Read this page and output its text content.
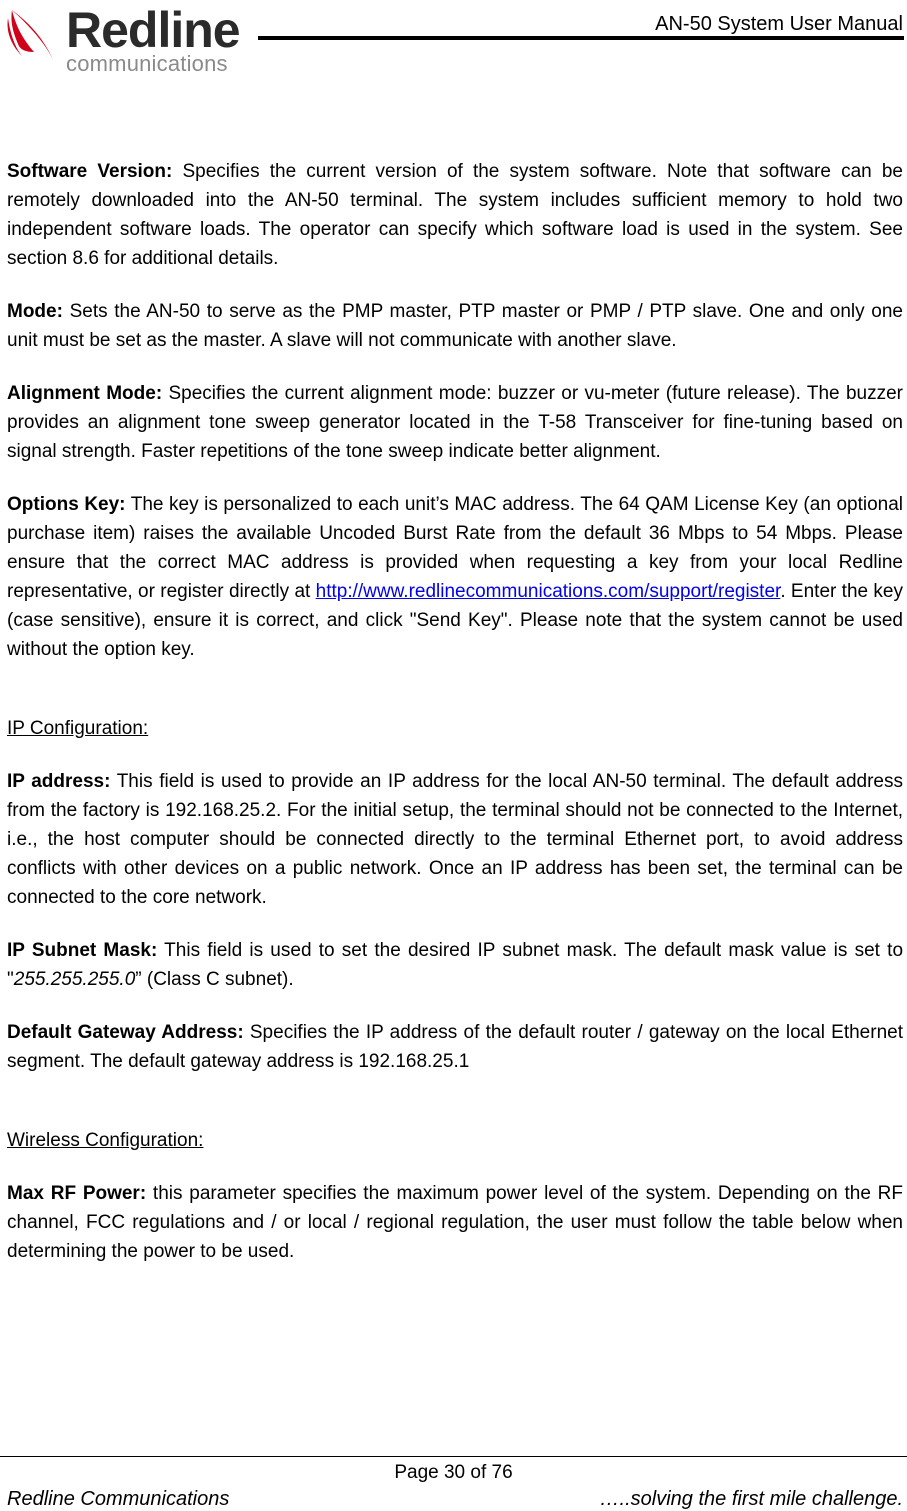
Redline
communications
AN-50 System User Manual

Software Version: Specifies the current version of the system software. Note that software can be remotely downloaded into the AN-50 terminal. The system includes sufficient memory to hold two independent software loads. The operator can specify which software load is used in the system. See section 8.6 for additional details.

Mode: Sets the AN-50 to serve as the PMP master, PTP master or PMP / PTP slave. One and only one unit must be set as the master. A slave will not communicate with another slave.

Alignment Mode: Specifies the current alignment mode: buzzer or vu-meter (future release). The buzzer provides an alignment tone sweep generator located in the T-58 Transceiver for fine-tuning based on signal strength. Faster repetitions of the tone sweep indicate better alignment.

Options Key: The key is personalized to each unit’s MAC address. The 64 QAM License Key (an optional purchase item) raises the available Uncoded Burst Rate from the default 36 Mbps to 54 Mbps. Please ensure that the correct MAC address is provided when requesting a key from your local Redline representative, or register directly at http://www.redlinecommunications.com/support/register. Enter the key (case sensitive), ensure it is correct, and click "Send Key". Please note that the system cannot be used without the option key.

IP Configuration:

IP address: This field is used to provide an IP address for the local AN-50 terminal. The default address from the factory is 192.168.25.2. For the initial setup, the terminal should not be connected to the Internet, i.e., the host computer should be connected directly to the terminal Ethernet port, to avoid address conflicts with other devices on a public network. Once an IP address has been set, the terminal can be connected to the core network.

IP Subnet Mask: This field is used to set the desired IP subnet mask. The default mask value is set to "255.255.255.0” (Class C subnet).

Default Gateway Address: Specifies the IP address of the default router / gateway on the local Ethernet segment. The default gateway address is 192.168.25.1

Wireless Configuration:

Max RF Power: this parameter specifies the maximum power level of the system. Depending on the RF channel, FCC regulations and / or local / regional regulation, the user must follow the table below when determining the power to be used.

Page 30 of 76
Redline Communications	…..solving the first mile challenge.
